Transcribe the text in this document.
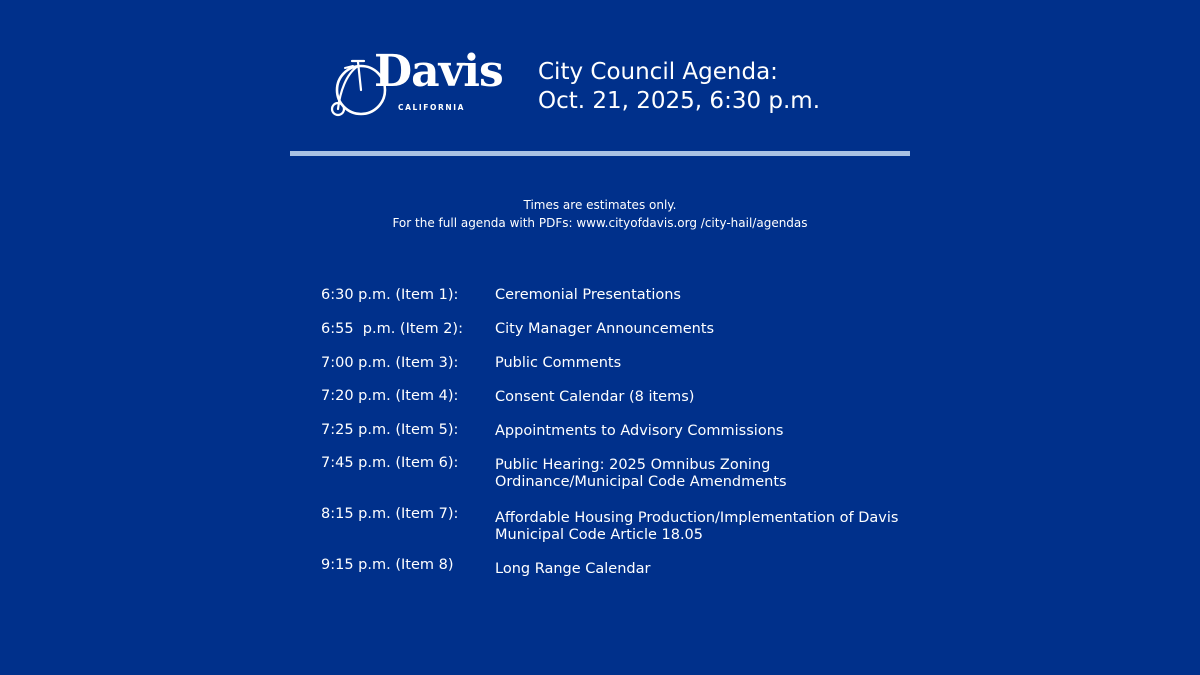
Davis
CALIFORNIA
City Council Agenda:
Oct. 21, 2025, 6:30 p.m.
Times are estimates only.
For the full agenda with PDFs: www.cityofdavis.org /city-hail/agendas
6:30 p.m. (Item 1):	Ceremonial Presentations
6:55  p.m. (Item 2): City Manager Announcements
7:00 p.m. (Item 3):	Public Comments
7:20 p.m. (Item 4):	Consent Calendar (8 items)
7:25 p.m. (Item 5):	Appointments to Advisory Commissions
7:45 p.m. (Item 6):	Public Hearing: 2025 Omnibus Zoning
Ordinance/Municipal Code Amendments
8:15 p.m. (Item 7):	Affordable Housing Production/Implementation of Davis
Municipal Code Article 18.05
9:15 p.m. (Item 8)	Long Range Calendar
